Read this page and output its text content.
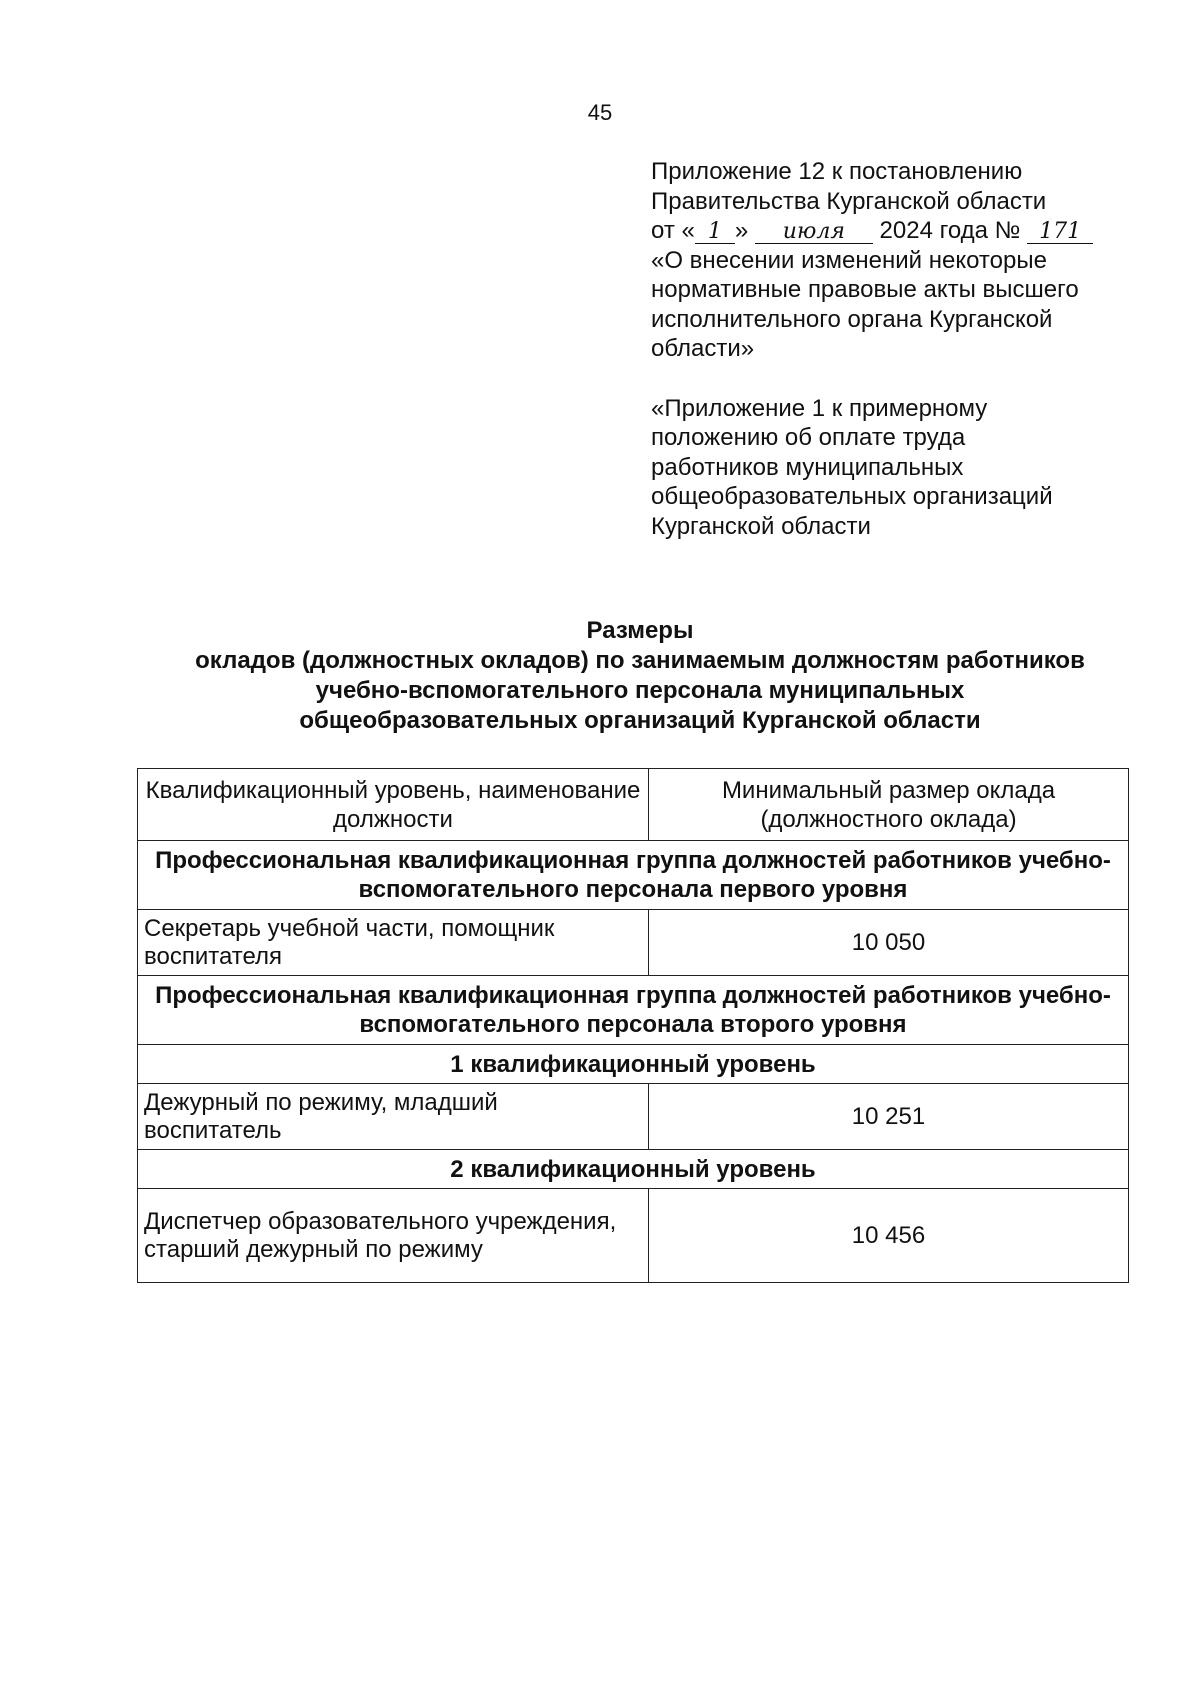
45

Приложение 12 к постановлению

Правительства Курганской области

от « 1 » июля 2024 года № 171

«О внесении изменений некоторые

нормативные правовые акты высшего

исполнительного органа Курганской

области»

«Приложение 1 к примерному

положению об оплате труда

работников муниципальных

общеобразовательных организаций

Курганской области

Размеры
окладов (должностных окладов) по занимаемым должностям работников
учебно-вспомогательного персонала муниципальных
общеобразовательных организаций Курганской области
Квалификационный уровень, наименование должности	Минимальный размер оклада (должностного оклада)
Профессиональная квалификационная группа должностей работников учебно-вспомогательного персонала первого уровня	
Секретарь учебной части, помощник воспитателя	10 050
Профессиональная квалификационная группа должностей работников учебно-вспомогательного персонала второго уровня	
1 квалификационный уровень	
Дежурный по режиму, младший воспитатель	10 251
2 квалификационный уровень	
Диспетчер образовательного учреждения, старший дежурный по режиму	10 456
